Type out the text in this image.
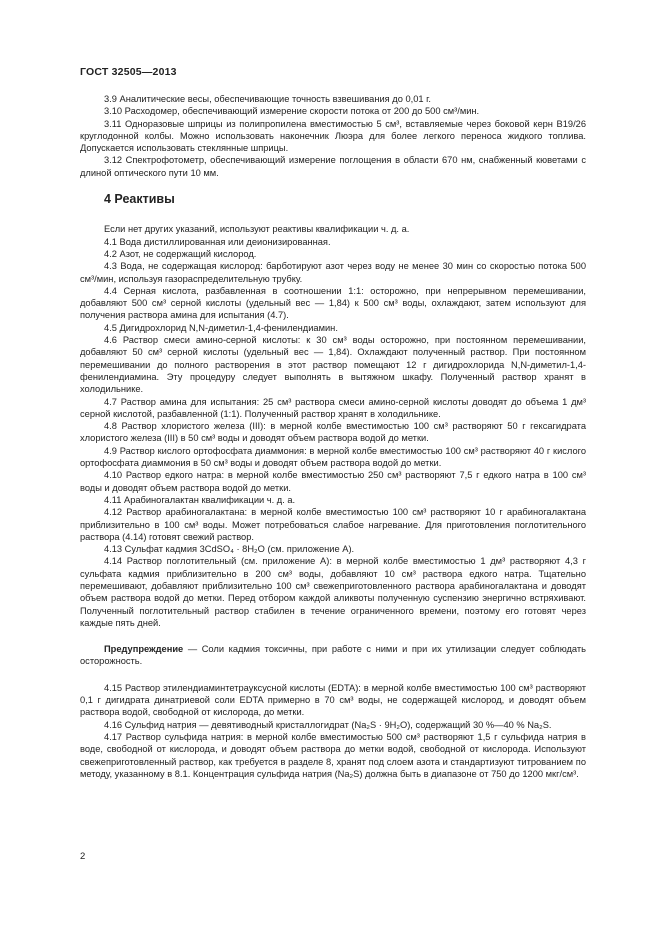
ГОСТ 32505—2013

3.9 Аналитические весы, обеспечивающие точность взвешивания до 0,01 г.

3.10 Расходомер, обеспечивающий измерение скорости потока от 200 до 500 см³/мин.

3.11 Одноразовые шприцы из полипропилена вместимостью 5 см³, вставляемые через боковой керн B19/26 круглодонной колбы. Можно использовать наконечник Люэра для более легкого переноса жидкого топлива. Допускается использовать стеклянные шприцы.

3.12 Спектрофотометр, обеспечивающий измерение поглощения в области 670 нм, снабженный кюветами с длиной оптического пути 10 мм.

4 Реактивы

Если нет других указаний, используют реактивы квалификации ч. д. а.

4.1 Вода дистиллированная или деионизированная.

4.2 Азот, не содержащий кислород.

4.3 Вода, не содержащая кислород: барботируют азот через воду не менее 30 мин со скоростью потока 500 см³/мин, используя газораспределительную трубку.

4.4 Серная кислота, разбавленная в соотношении 1:1: осторожно, при непрерывном перемешивании, добавляют 500 см³ серной кислоты (удельный вес — 1,84) к 500 см³ воды, охлаждают, затем используют для получения раствора амина для испытания (4.7).

4.5 Дигидрохлорид N,N-диметил-1,4-фенилендиамин.

4.6 Раствор смеси амино-серной кислоты: к 30 см³ воды осторожно, при постоянном перемешивании, добавляют 50 см³ серной кислоты (удельный вес — 1,84). Охлаждают полученный раствор. При постоянном перемешивании до полного растворения в этот раствор помещают 12 г дигидрохлорида N,N-диметил-1,4-фенилендиамина. Эту процедуру следует выполнять в вытяжном шкафу. Полученный раствор хранят в холодильнике.

4.7 Раствор амина для испытания: 25 см³ раствора смеси амино-серной кислоты доводят до объема 1 дм³ серной кислотой, разбавленной (1:1). Полученный раствор хранят в холодильнике.

4.8 Раствор хлористого железа (III): в мерной колбе вместимостью 100 см³ растворяют 50 г гексагидрата хлористого железа (III) в 50 см³ воды и доводят объем раствора водой до метки.

4.9 Раствор кислого ортофосфата диаммония: в мерной колбе вместимостью 100 см³ растворяют 40 г кислого ортофосфата диаммония в 50 см³ воды и доводят объем раствора водой до метки.

4.10 Раствор едкого натра: в мерной колбе вместимостью 250 см³ растворяют 7,5 г едкого натра в 100 см³ воды и доводят объем раствора водой до метки.

4.11 Арабиногалактан квалификации ч. д. а.

4.12 Раствор арабиногалактана: в мерной колбе вместимостью 100 см³ растворяют 10 г арабиногалактана приблизительно в 100 см³ воды. Может потребоваться слабое нагревание. Для приготовления поглотительного раствора (4.14) готовят свежий раствор.

4.13 Сульфат кадмия 3CdSO₄ · 8H₂O (см. приложение А).

4.14 Раствор поглотительный (см. приложение А): в мерной колбе вместимостью 1 дм³ растворяют 4,3 г сульфата кадмия приблизительно в 200 см³ воды, добавляют 10 см³ раствора едкого натра. Тщательно перемешивают, добавляют приблизительно 100 см³ свежеприготовленного раствора арабиногалактана и доводят объем раствора водой до метки. Перед отбором каждой аликвоты полученную суспензию энергично встряхивают. Полученный поглотительный раствор стабилен в течение ограниченного времени, поэтому его готовят через каждые пять дней.

Предупреждение — Соли кадмия токсичны, при работе с ними и при их утилизации следует соблюдать осторожность.

4.15 Раствор этилендиаминтетрауксусной кислоты (EDTA): в мерной колбе вместимостью 100 см³ растворяют 0,1 г дигидрата динатриевой соли EDTA примерно в 70 см³ воды, не содержащей кислород, и доводят объем раствора водой, свободной от кислорода, до метки.

4.16 Сульфид натрия — девятиводный кристаллогидрат (Na₂S · 9H₂O), содержащий 30 %—40 % Na₂S.

4.17 Раствор сульфида натрия: в мерной колбе вместимостью 500 см³ растворяют 1,5 г сульфида натрия в воде, свободной от кислорода, и доводят объем раствора до метки водой, свободной от кислорода. Используют свежеприготовленный раствор, как требуется в разделе 8, хранят под слоем азота и стандартизуют титрованием по методу, указанному в 8.1. Концентрация сульфида натрия (Na₂S) должна быть в диапазоне от 750 до 1200 мкг/см³.

2
